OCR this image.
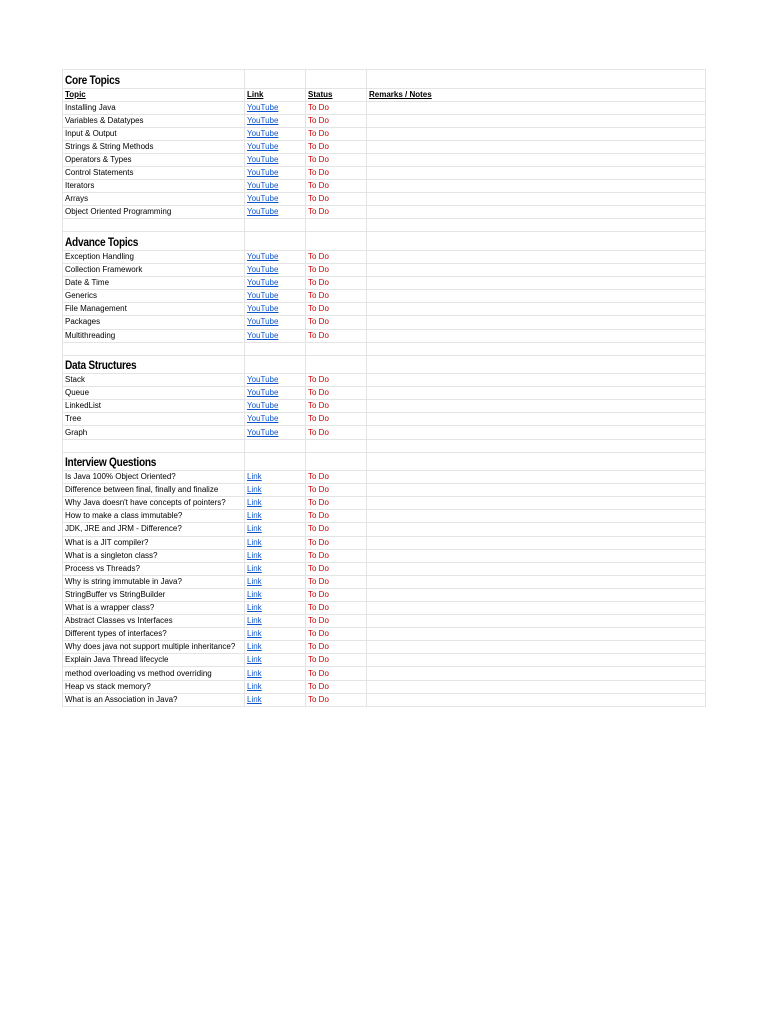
Core Topics			
Topic	Link	Status	Remarks / Notes
Installing Java	YouTube	To Do	
Variables & Datatypes	YouTube	To Do	
Input & Output	YouTube	To Do	
Strings & String Methods	YouTube	To Do	
Operators & Types	YouTube	To Do	
Control Statements	YouTube	To Do	
Iterators	YouTube	To Do	
Arrays	YouTube	To Do	
Object Oriented Programming	YouTube	To Do	

Advance Topics			
Exception Handling	YouTube	To Do	
Collection Framework	YouTube	To Do	
Date & Time	YouTube	To Do	
Generics	YouTube	To Do	
File Management	YouTube	To Do	
Packages	YouTube	To Do	
Multithreading	YouTube	To Do	

Data Structures			
Stack	YouTube	To Do	
Queue	YouTube	To Do	
LinkedList	YouTube	To Do	
Tree	YouTube	To Do	
Graph	YouTube	To Do	

Interview Questions			
Is Java 100% Object Oriented?	Link	To Do	
Difference between final, finally and finalize	Link	To Do	
Why Java doesn't have concepts of pointers?	Link	To Do	
How to make a class immutable?	Link	To Do	
JDK, JRE and JRM - Difference?	Link	To Do	
What is a JIT compiler?	Link	To Do	
What is a singleton class?	Link	To Do	
Process vs Threads?	Link	To Do	
Why is string immutable in Java?	Link	To Do	
StringBuffer vs StringBuilder	Link	To Do	
What is a wrapper class?	Link	To Do	
Abstract Classes vs Interfaces	Link	To Do	
Different types of interfaces?	Link	To Do	
Why does java not support multiple inheritance?	Link	To Do	
Explain Java Thread lifecycle	Link	To Do	
method overloading vs method overriding	Link	To Do	
Heap vs stack memory?	Link	To Do	
What is an Association in Java?	Link	To Do	
